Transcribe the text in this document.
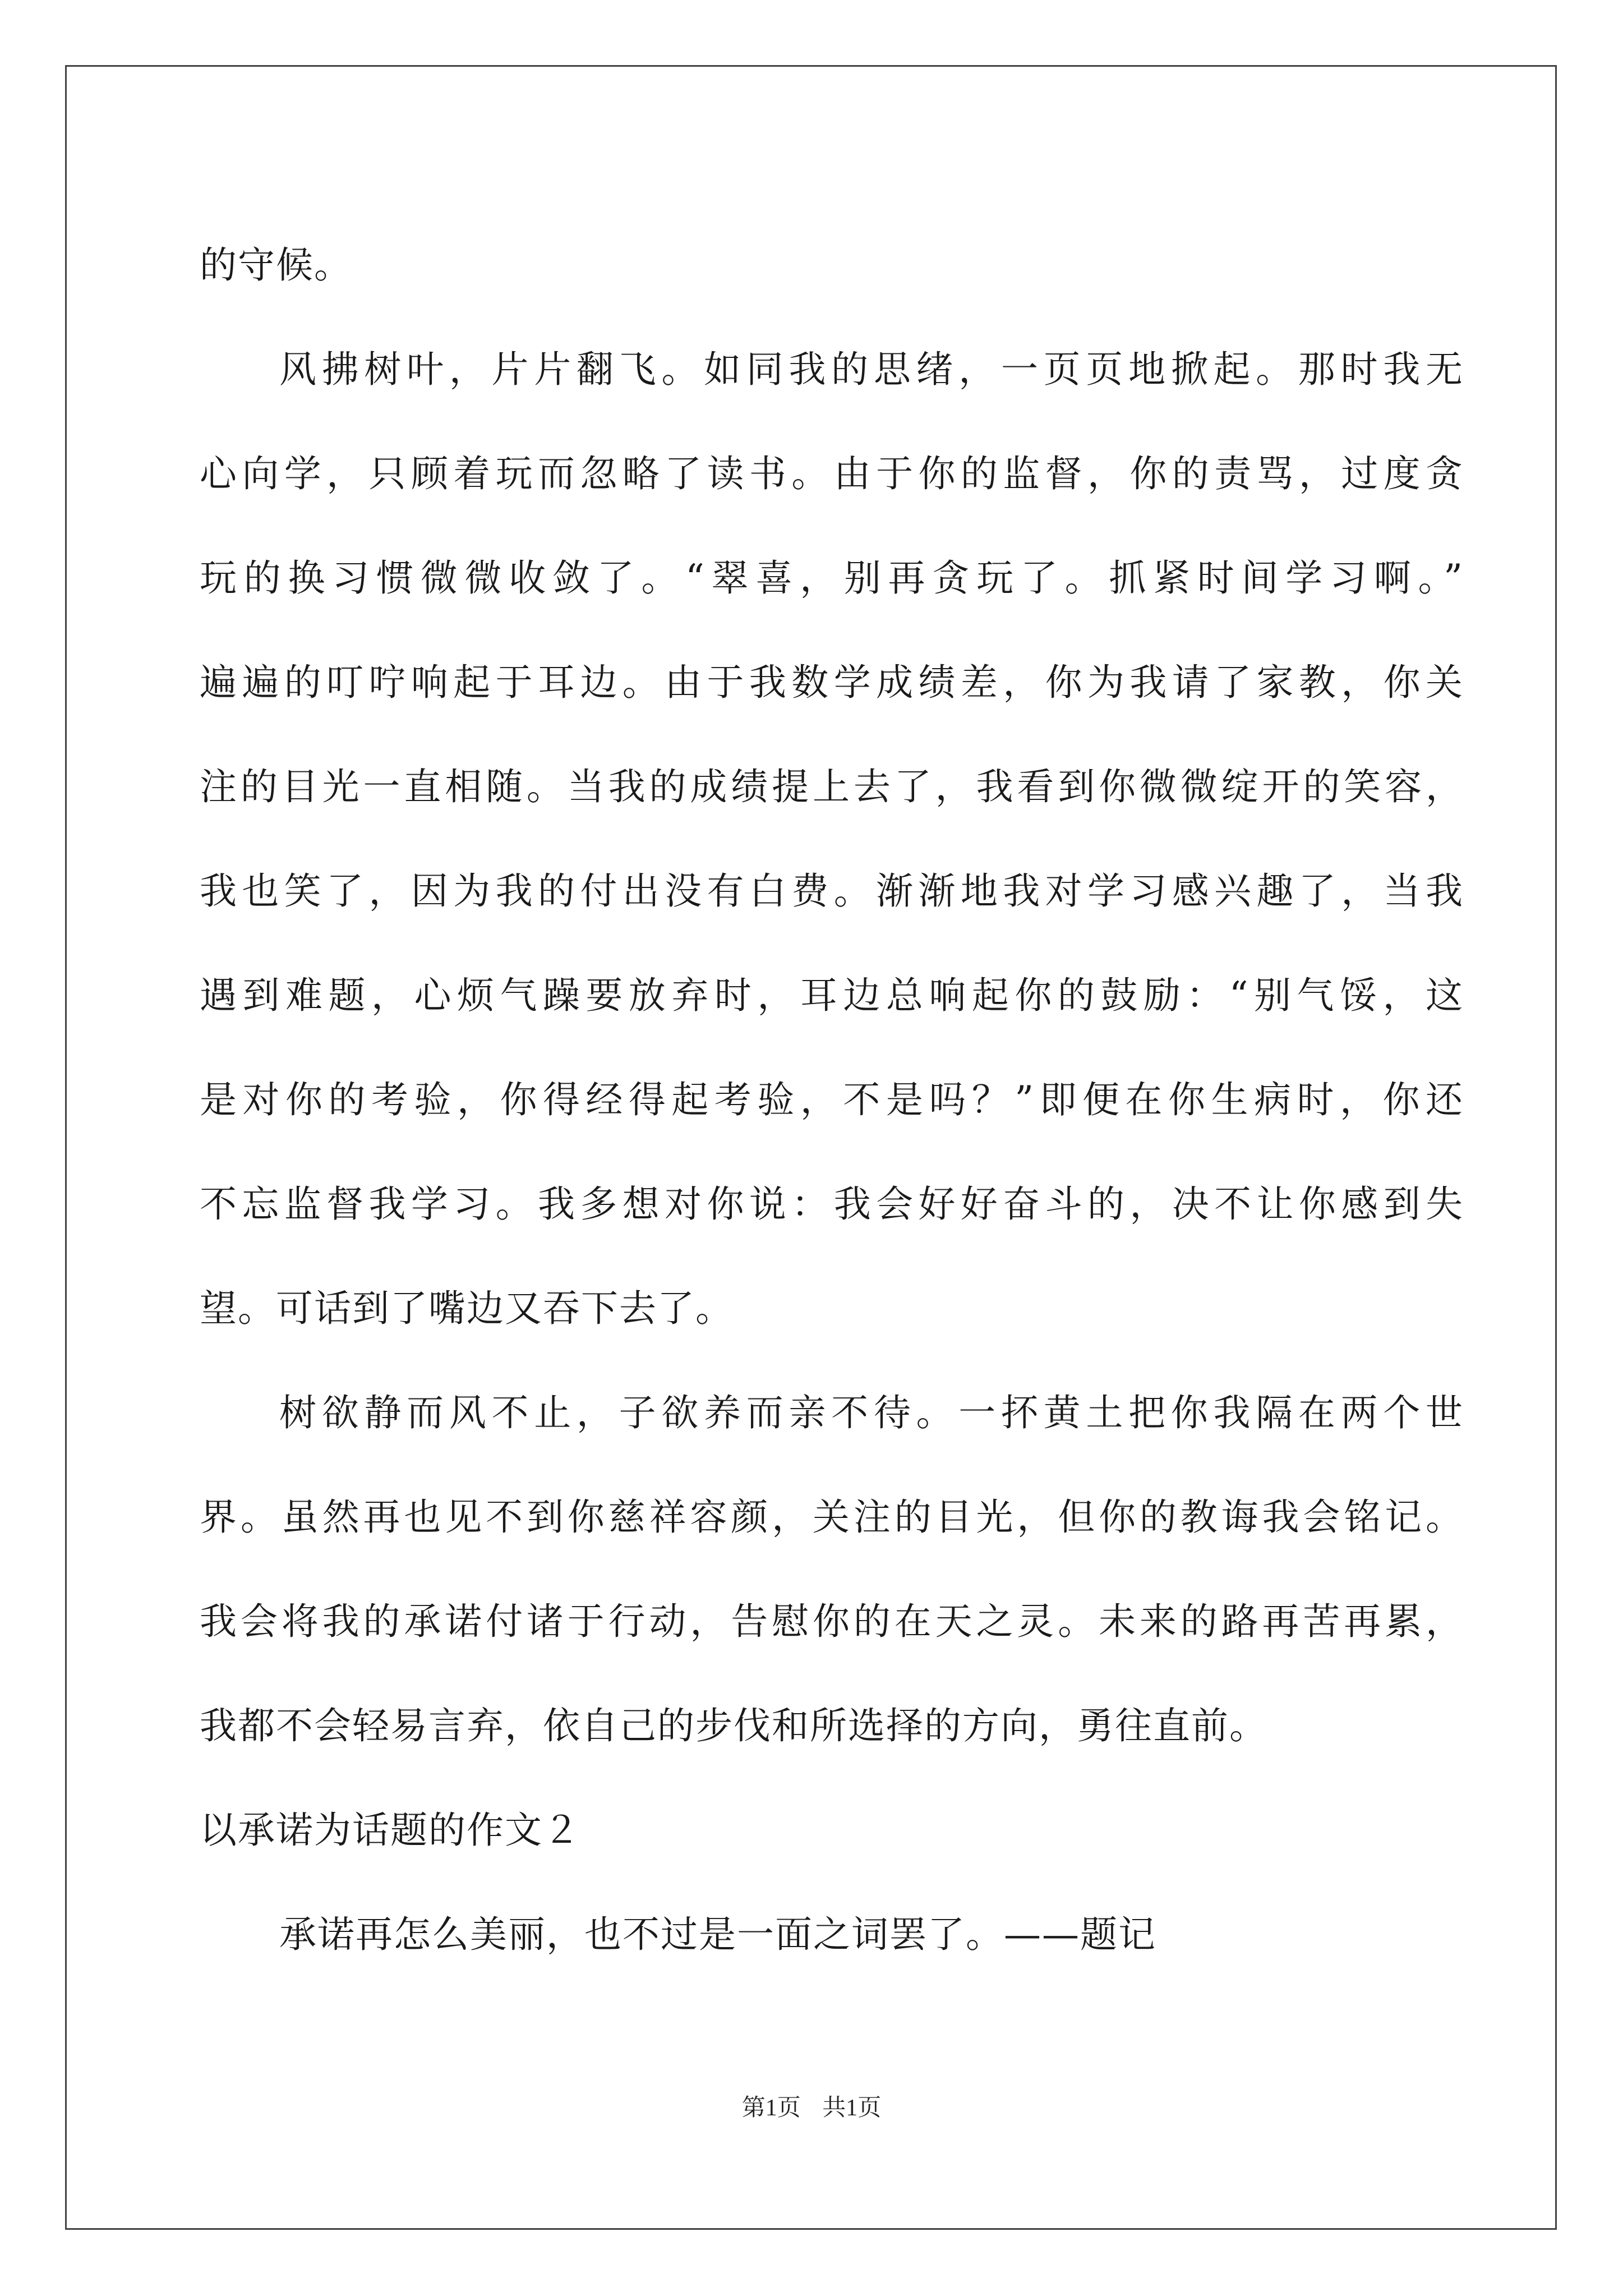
的守候。
风拂树叶，片片翻飞。如同我的思绪，一页页地掀起。那时我无
心向学，只顾着玩而忽略了读书。由于你的监督，你的责骂，过度贪
玩的换习惯微微收敛了。“翠喜，别再贪玩了。抓紧时间学习啊。”
遍遍的叮咛响起于耳边。由于我数学成绩差，你为我请了家教，你关
注的目光一直相随。当我的成绩提上去了，我看到你微微绽开的笑容，
我也笑了，因为我的付出没有白费。渐渐地我对学习感兴趣了，当我
遇到难题，心烦气躁要放弃时，耳边总响起你的鼓励：“别气馁，这
是对你的考验，你得经得起考验，不是吗？”即便在你生病时，你还
不忘监督我学习。我多想对你说：我会好好奋斗的，决不让你感到失
望。可话到了嘴边又吞下去了。
树欲静而风不止，子欲养而亲不待。一抔黄土把你我隔在两个世
界。虽然再也见不到你慈祥容颜，关注的目光，但你的教诲我会铭记。
我会将我的承诺付诸于行动，告慰你的在天之灵。未来的路再苦再累，
我都不会轻易言弃，依自己的步伐和所选择的方向，勇往直前。
以承诺为话题的作文２
承诺再怎么美丽，也不过是一面之词罢了。——题记
第1页 共1页
